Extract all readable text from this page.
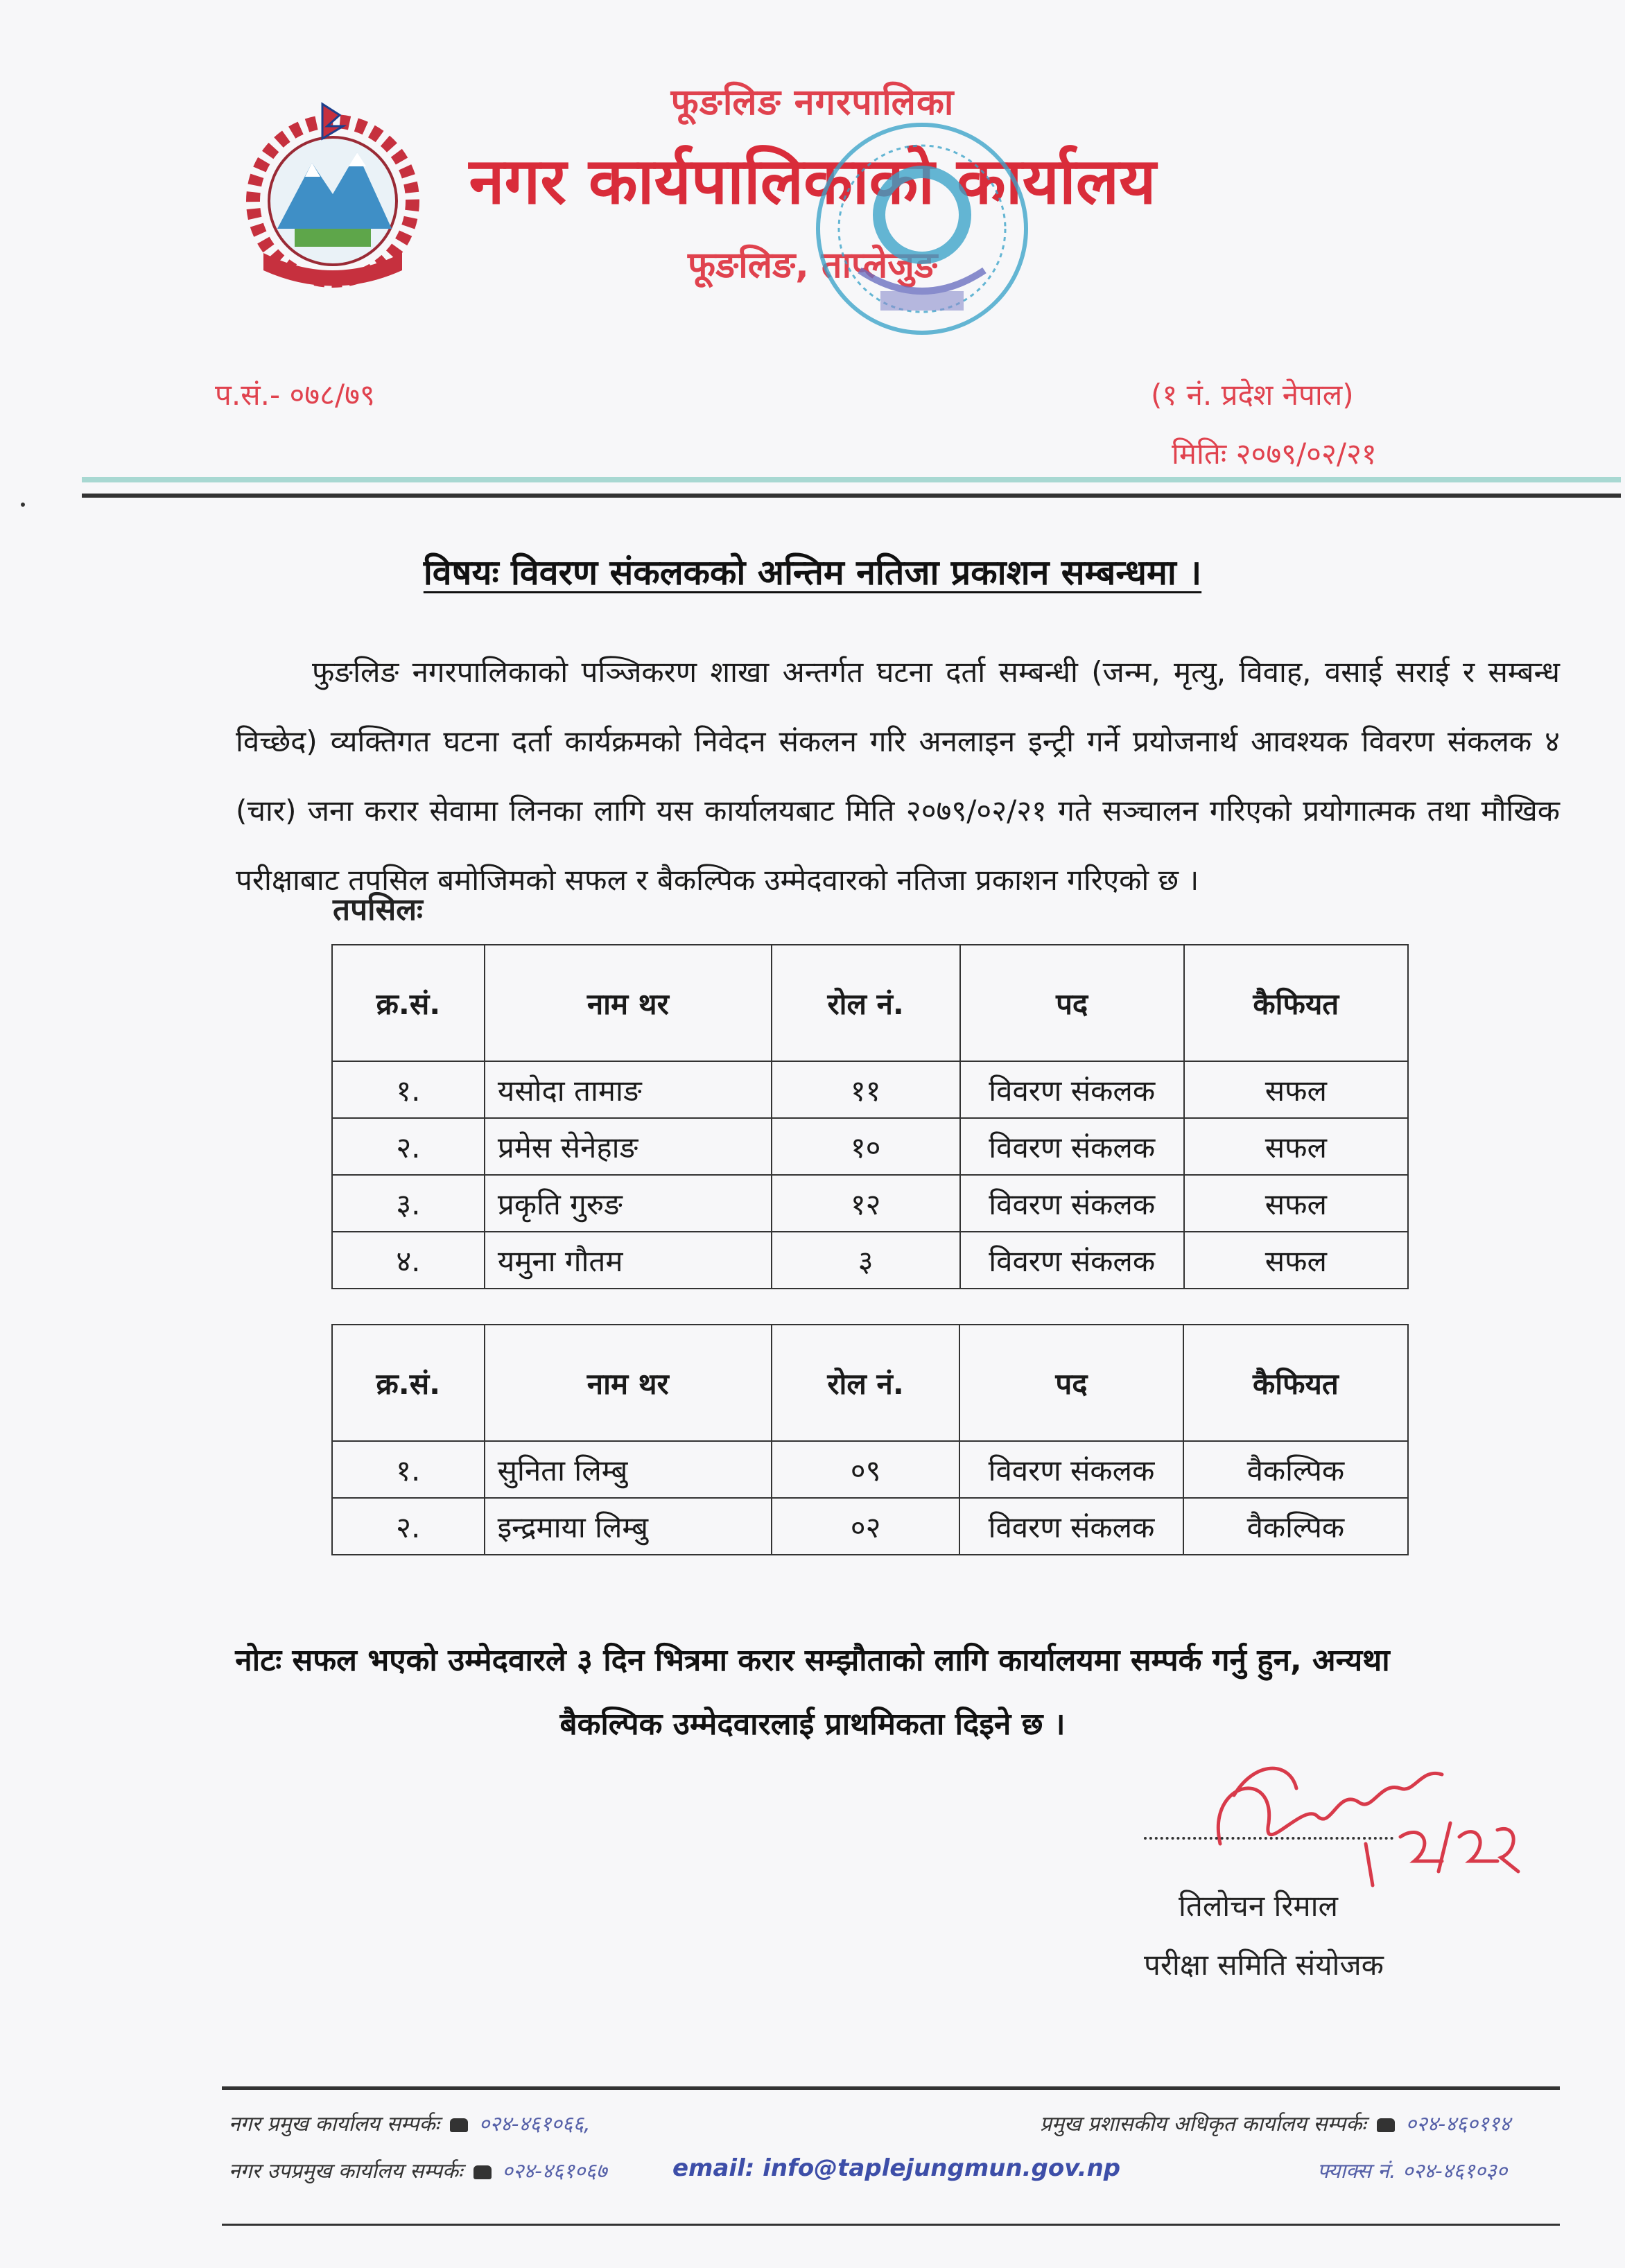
फूङलिङ नगरपालिका
नगर कार्यपालिकाको कार्यालय
फूङलिङ, ताप्लेजुङ
प.सं.- ०७८/७९	(१ नं. प्रदेश नेपाल)
मितिः २०७९/०२/२१
विषयः विवरण संकलकको अन्तिम नतिजा प्रकाशन सम्बन्धमा ।
फुङलिङ नगरपालिकाको पञ्जिकरण शाखा अन्तर्गत घटना दर्ता सम्बन्धी (जन्म, मृत्यु, विवाह, वसाई सराई र सम्बन्ध विच्छेद) व्यक्तिगत घटना दर्ता कार्यक्रमको निवेदन संकलन गरि अनलाइन इन्ट्री गर्ने प्रयोजनार्थ आवश्यक विवरण संकलक ४ (चार) जना करार सेवामा लिनका लागि यस कार्यालयबाट मिति २०७९/०२/२१ गते सञ्चालन गरिएको प्रयोगात्मक तथा मौखिक परीक्षाबाट तपसिल बमोजिमको सफल र बैकल्पिक उम्मेदवारको नतिजा प्रकाशन गरिएको छ ।
तपसिलः
क्र.सं.	नाम थर	रोल नं.	पद	कैफियत
१.	यसोदा तामाङ	११	विवरण संकलक	सफल
२.	प्रमेस सेनेहाङ	१०	विवरण संकलक	सफल
३.	प्रकृति गुरुङ	१२	विवरण संकलक	सफल
४.	यमुना गौतम	३	विवरण संकलक	सफल
क्र.सं.	नाम थर	रोल नं.	पद	कैफियत
१.	सुनिता लिम्बु	०९	विवरण संकलक	वैकल्पिक
२.	इन्द्रमाया लिम्बु	०२	विवरण संकलक	वैकल्पिक
नोटः सफल भएको उम्मेदवारले ३ दिन भित्रमा करार सम्झौताको लागि कार्यालयमा सम्पर्क गर्नु हुन, अन्यथा
बैकल्पिक उम्मेदवारलाई प्राथमिकता दिइने छ ।
तिलोचन रिमाल
परीक्षा समिति संयोजक
नगर प्रमुख कार्यालय सम्पर्कः ०२४-४६१०६६,	प्रमुख प्रशासकीय अधिकृत कार्यालय सम्पर्कः ०२४-४६०११४
नगर उपप्रमुख कार्यालय सम्पर्कः ०२४-४६१०६७	email: info@taplejungmun.gov.np	फ्याक्स नं. ०२४-४६१०३०
